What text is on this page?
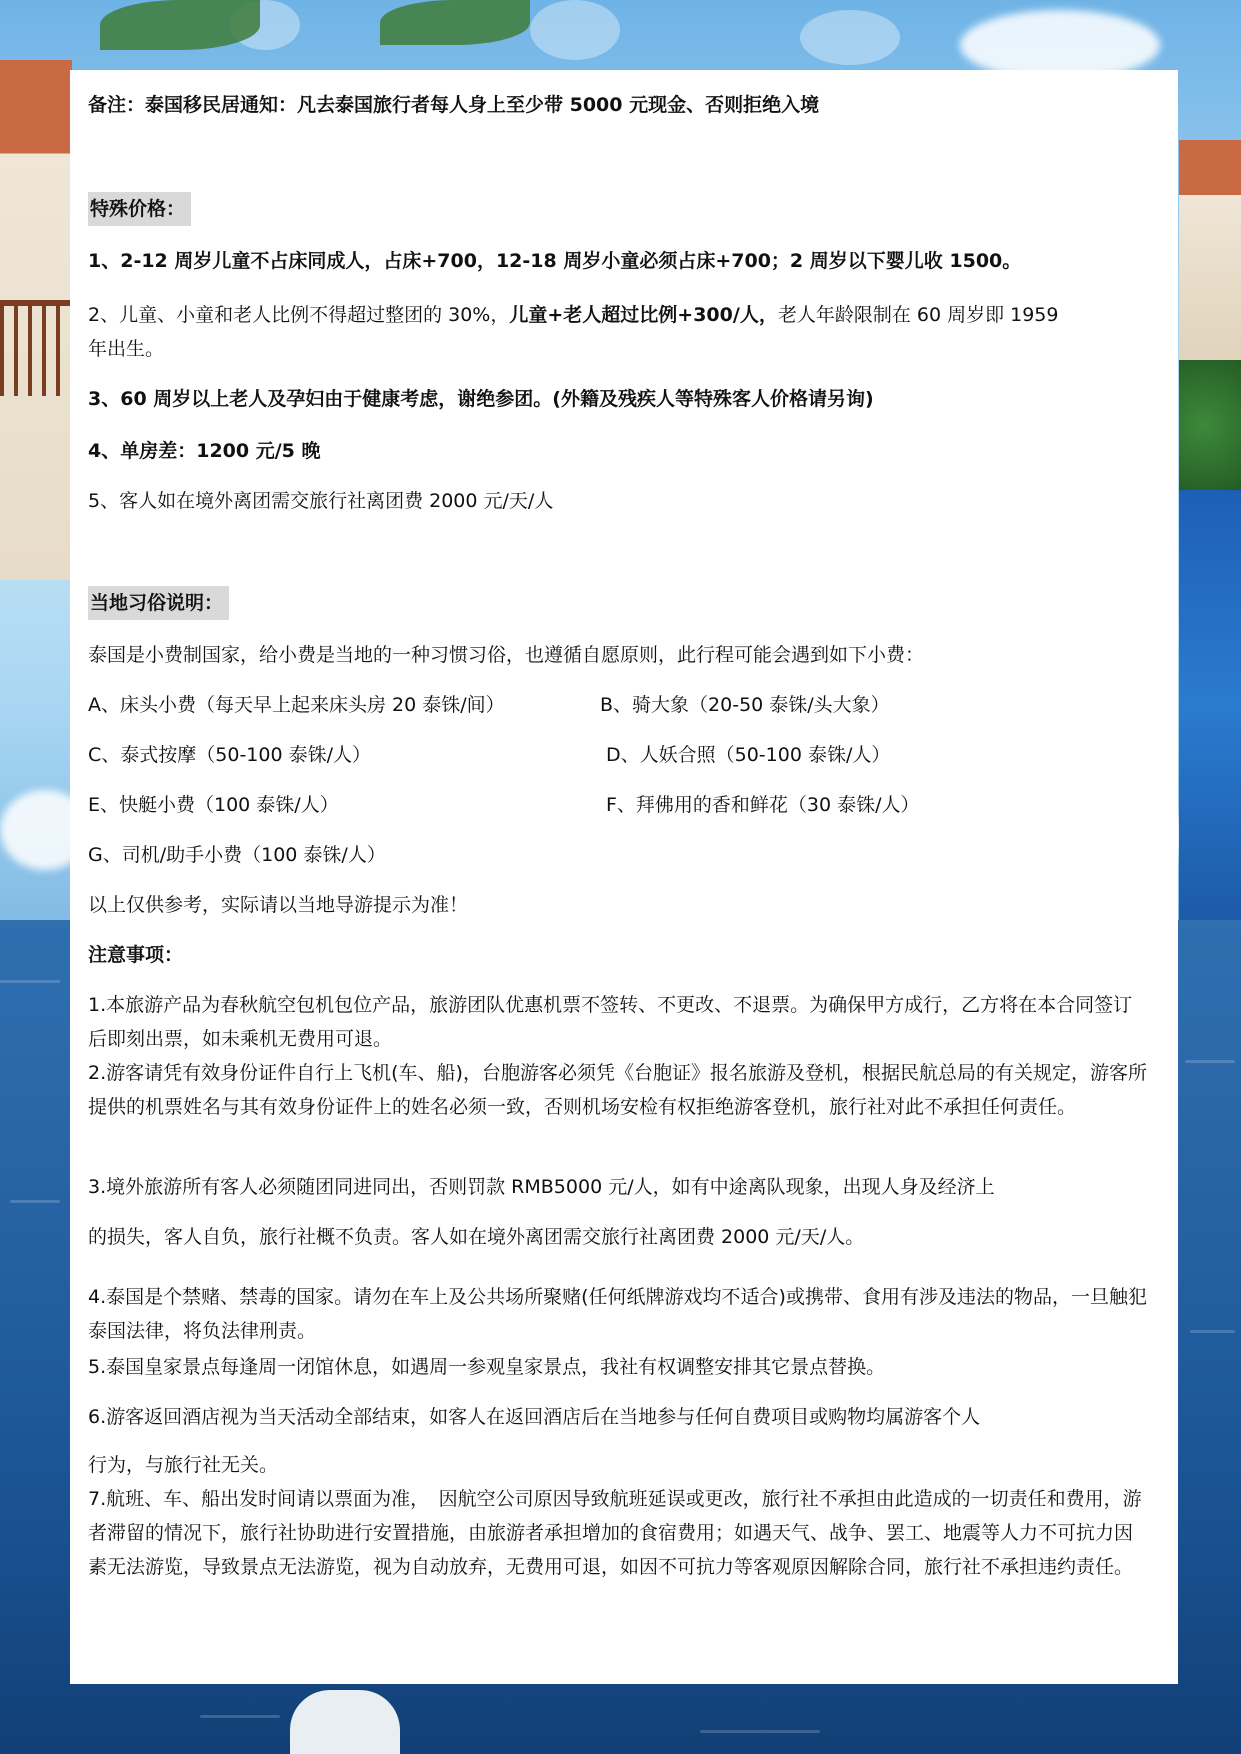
备注：泰国移民居通知：凡去泰国旅行者每人身上至少带 5000 元现金、否则拒绝入境

特殊价格：

1、2-12 周岁儿童不占床同成人，占床+700，12-18 周岁小童必须占床+700；2 周岁以下婴儿收 1500。

2、儿童、小童和老人比例不得超过整团的 30%，儿童+老人超过比例+300/人，老人年龄限制在 60 周岁即 1959

年出生。

3、60 周岁以上老人及孕妇由于健康考虑，谢绝参团。(外籍及残疾人等特殊客人价格请另询)

4、单房差：1200 元/5 晚

5、客人如在境外离团需交旅行社离团费 2000 元/天/人

当地习俗说明：

泰国是小费制国家，给小费是当地的一种习惯习俗，也遵循自愿原则，此行程可能会遇到如下小费：

A、床头小费（每天早上起来床头房 20 泰铢/间）	B、骑大象（20-50 泰铢/头大象）

C、泰式按摩（50-100 泰铢/人）	D、人妖合照（50-100 泰铢/人）

E、快艇小费（100 泰铢/人）	F、拜佛用的香和鲜花（30 泰铢/人）

G、司机/助手小费（100 泰铢/人）

以上仅供参考，实际请以当地导游提示为准！

注意事项：

1.本旅游产品为春秋航空包机包位产品，旅游团队优惠机票不签转、不更改、不退票。为确保甲方成行，乙方将在本合同签订后即刻出票，如未乘机无费用可退。

2.游客请凭有效身份证件自行上飞机(车、船)，台胞游客必须凭《台胞证》报名旅游及登机，根据民航总局的有关规定，游客所提供的机票姓名与其有效身份证件上的姓名必须一致，否则机场安检有权拒绝游客登机，旅行社对此不承担任何责任。

3.境外旅游所有客人必须随团同进同出，否则罚款 RMB5000 元/人，如有中途离队现象，出现人身及经济上

的损失，客人自负，旅行社概不负责。客人如在境外离团需交旅行社离团费 2000 元/天/人。

4.泰国是个禁赌、禁毒的国家。请勿在车上及公共场所聚赌(任何纸牌游戏均不适合)或携带、食用有涉及违法的物品，一旦触犯泰国法律，将负法律刑责。

5.泰国皇家景点每逢周一闭馆休息，如遇周一参观皇家景点，我社有权调整安排其它景点替换。

6.游客返回酒店视为当天活动全部结束，如客人在返回酒店后在当地参与任何自费项目或购物均属游客个人

行为，与旅行社无关。

7.航班、车、船出发时间请以票面为准，　因航空公司原因导致航班延误或更改，旅行社不承担由此造成的一切责任和费用，游者滞留的情况下，旅行社协助进行安置措施，由旅游者承担增加的食宿费用；如遇天气、战争、罢工、地震等人力不可抗力因素无法游览，导致景点无法游览，视为自动放弃，无费用可退，如因不可抗力等客观原因解除合同，旅行社不承担违约责任。
